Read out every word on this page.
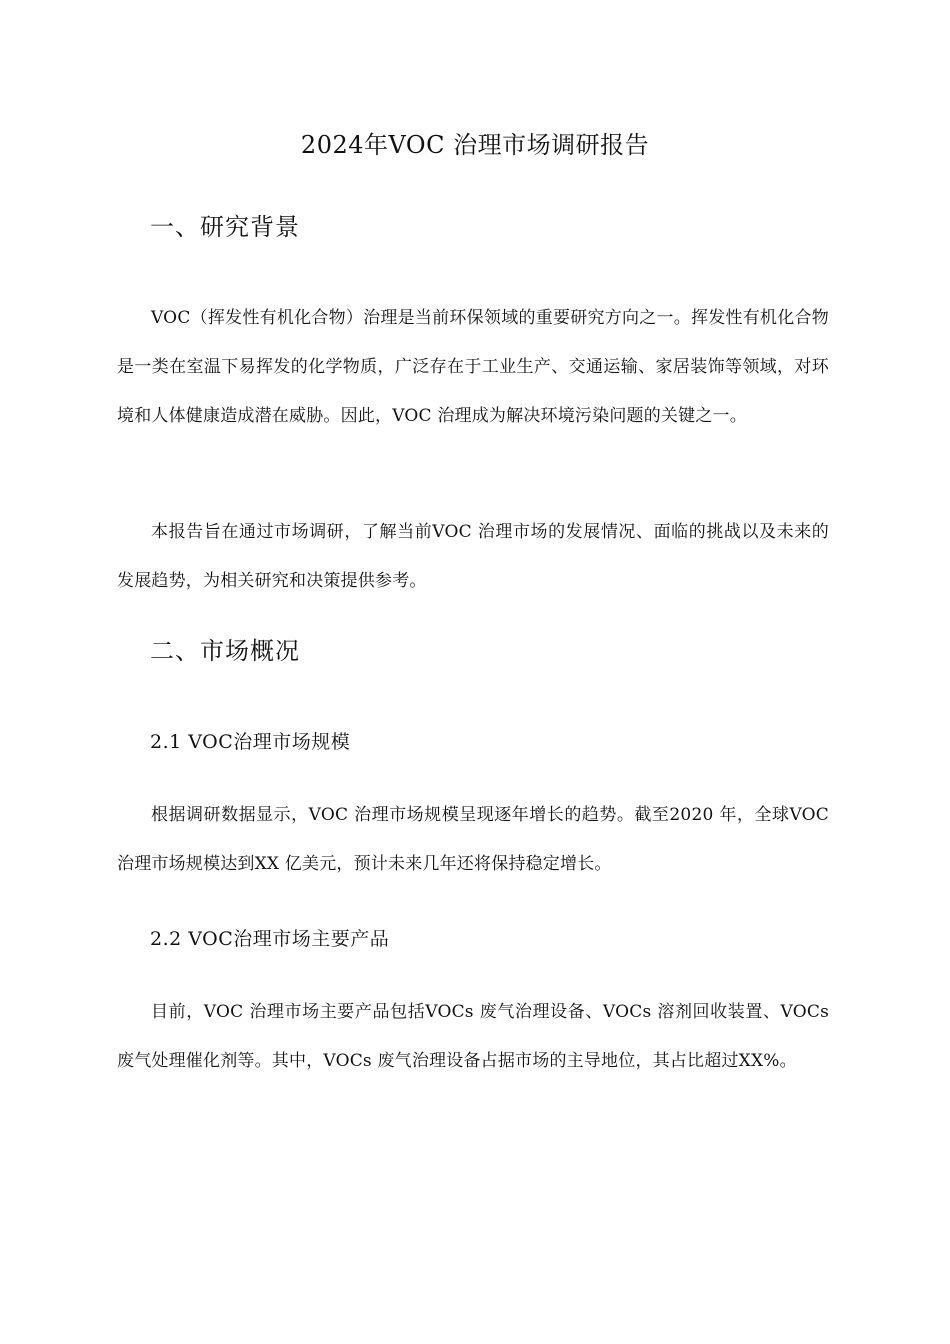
2024年VOC 治理市场调研报告
一、研究背景
VOC（挥发性有机化合物）治理是当前环保领域的重要研究方向之一。挥发性有机化合物是一类在室温下易挥发的化学物质，广泛存在于工业生产、交通运输、家居装饰等领域，对环境和人体健康造成潜在威胁。因此，VOC 治理成为解决环境污染问题的关键之一。
本报告旨在通过市场调研，了解当前VOC 治理市场的发展情况、面临的挑战以及未来的发展趋势，为相关研究和决策提供参考。
二、市场概况
2.1 VOC治理市场规模
根据调研数据显示，VOC 治理市场规模呈现逐年增长的趋势。截至2020 年，全球VOC 治理市场规模达到XX 亿美元，预计未来几年还将保持稳定增长。
2.2 VOC治理市场主要产品
目前，VOC 治理市场主要产品包括VOCs 废气治理设备、VOCs 溶剂回收装置、VOCs 废气处理催化剂等。其中，VOCs 废气治理设备占据市场的主导地位，其占比超过XX%。
